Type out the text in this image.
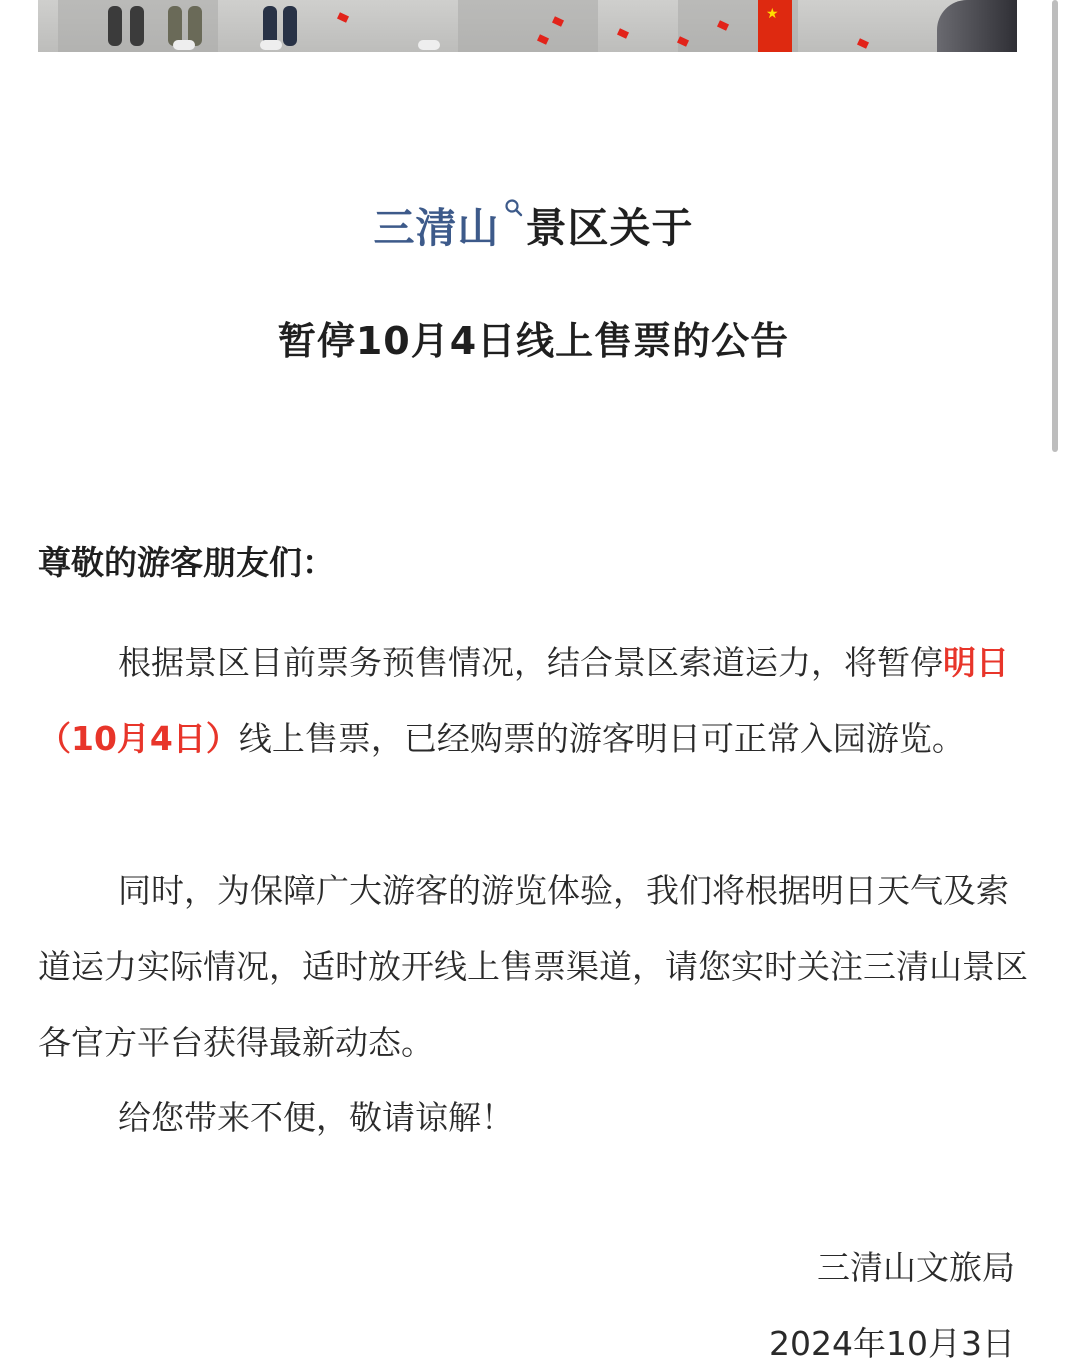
★
三清山 景区关于
暂停10月4日线上售票的公告
尊敬的游客朋友们：
根据景区目前票务预售情况，结合景区索道运力，将暂停明日（10月4日）线上售票，已经购票的游客明日可正常入园游览。
同时，为保障广大游客的游览体验，我们将根据明日天气及索道运力实际情况，适时放开线上售票渠道，请您实时关注三清山景区各官方平台获得最新动态。
给您带来不便，敬请谅解！
三清山文旅局
2024年10月3日
